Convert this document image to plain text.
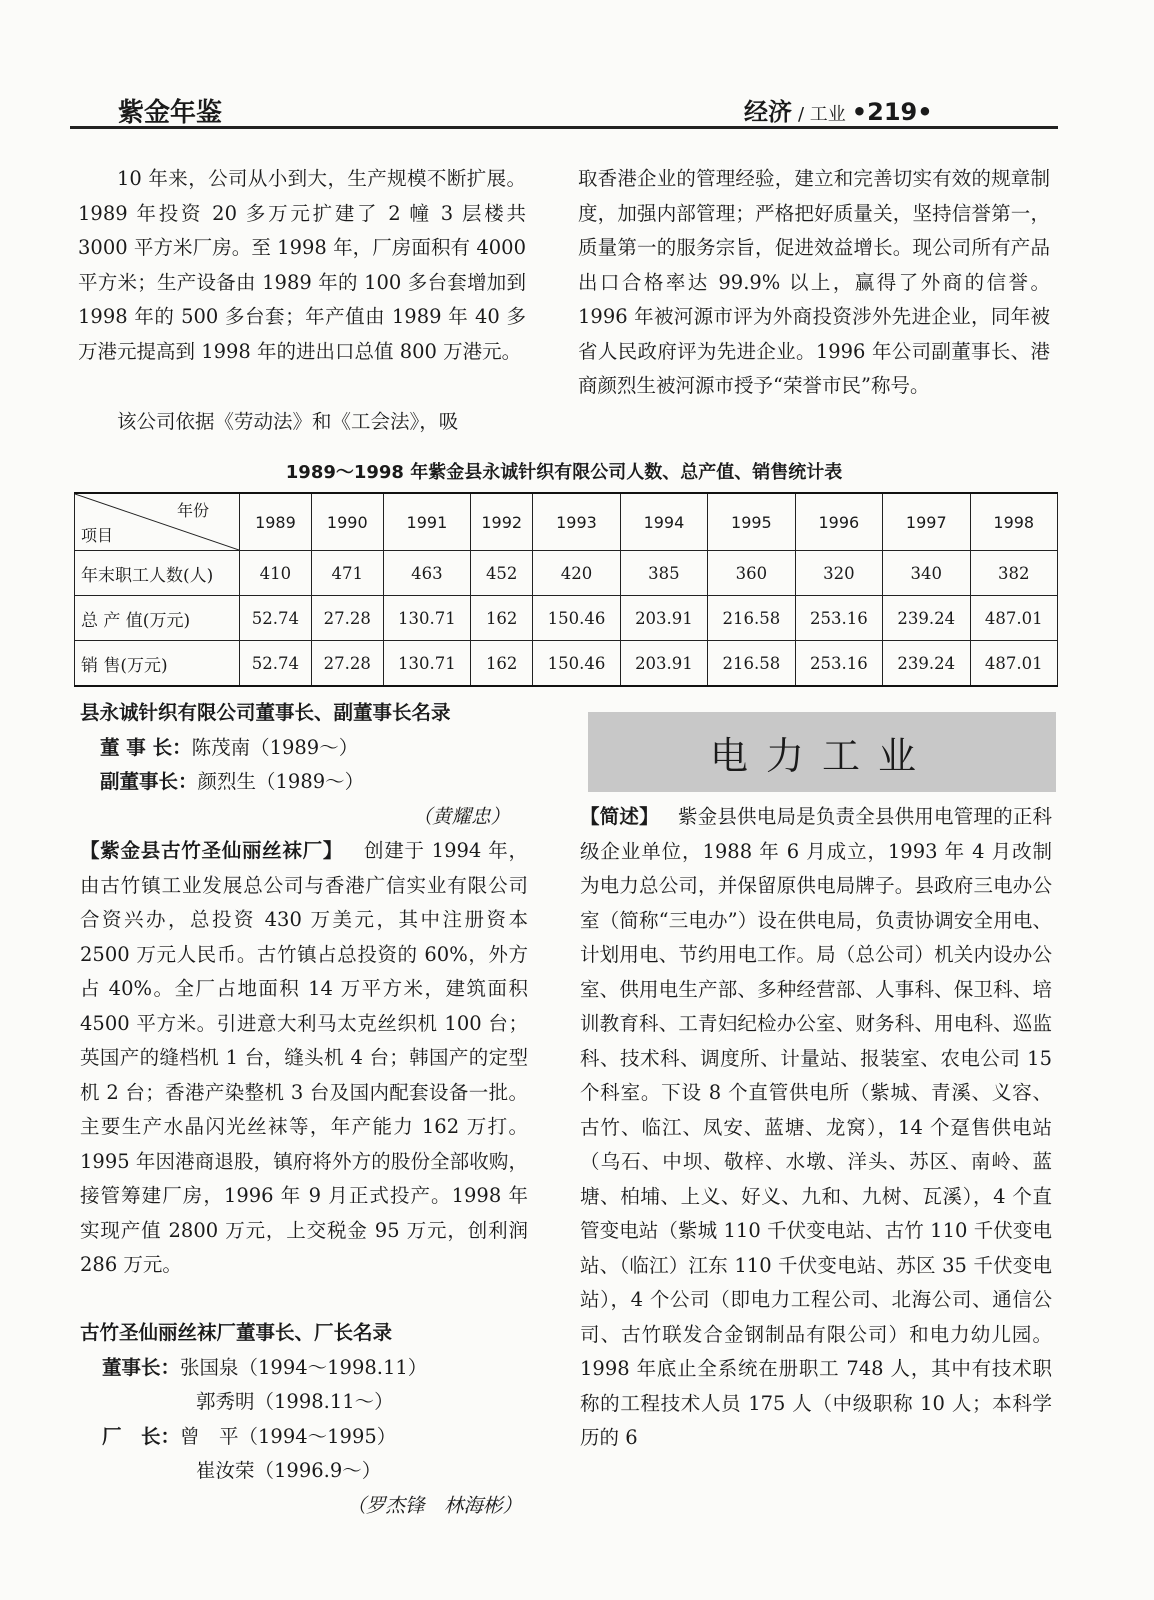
紫金年鉴	经济 / 工业 •219•

10 年来，公司从小到大，生产规模不断扩展。1989 年投资 20 多万元扩建了 2 幢 3 层楼共 3000 平方米厂房。至 1998 年，厂房面积有 4000 平方米；生产设备由 1989 年的 100 多台套增加到 1998 年的 500 多台套；年产值由 1989 年 40 多万港元提高到 1998 年的进出口总值 800 万港元。

该公司依据《劳动法》和《工会法》，吸

取香港企业的管理经验，建立和完善切实有效的规章制度，加强内部管理；严格把好质量关，坚持信誉第一，质量第一的服务宗旨，促进效益增长。现公司所有产品出口合格率达 99.9% 以上，赢得了外商的信誉。1996 年被河源市评为外商投资涉外先进企业，同年被省人民政府评为先进企业。1996 年公司副董事长、港商颜烈生被河源市授予“荣誉市民”称号。

1989～1998 年紫金县永诚针织有限公司人数、总产值、销售统计表
年份
项目	1989	1990	1991	1992	1993	1994	1995	1996	1997	1998
年末职工人数(人)	410	471	463	452	420	385	360	320	340	382
总 产 值(万元)	52.74	27.28	130.71	162	150.46	203.91	216.58	253.16	239.24	487.01
销 售(万元)	52.74	27.28	130.71	162	150.46	203.91	216.58	253.16	239.24	487.01
县永诚针织有限公司董事长、副董事长名录
董 事 长：陈茂南（1989～）
副董事长：颜烈生（1989～）
（黄耀忠）

【紫金县古竹圣仙丽丝袜厂】 创建于 1994 年，由古竹镇工业发展总公司与香港广信实业有限公司合资兴办，总投资 430 万美元，其中注册资本 2500 万元人民币。古竹镇占总投资的 60%，外方占 40%。全厂占地面积 14 万平方米，建筑面积 4500 平方米。引进意大利马太克丝织机 100 台；英国产的缝档机 1 台，缝头机 4 台；韩国产的定型机 2 台；香港产染整机 3 台及国内配套设备一批。主要生产水晶闪光丝袜等，年产能力 162 万打。1995 年因港商退股，镇府将外方的股份全部收购，接管筹建厂房，1996 年 9 月正式投产。1998 年实现产值 2800 万元，上交税金 95 万元，创利润 286 万元。

古竹圣仙丽丝袜厂董事长、厂长名录
董事长：张国泉（1994～1998.11）
郭秀明（1998.11～）
厂　长：曾　平（1994～1995）
崔汝荣（1996.9～）
（罗杰锋　林海彬）
电力工业

【简述】 紫金县供电局是负责全县供用电管理的正科级企业单位，1988 年 6 月成立，1993 年 4 月改制为电力总公司，并保留原供电局牌子。县政府三电办公室（简称“三电办”）设在供电局，负责协调安全用电、计划用电、节约用电工作。局（总公司）机关内设办公室、供用电生产部、多种经营部、人事科、保卫科、培训教育科、工青妇纪检办公室、财务科、用电科、巡监科、技术科、调度所、计量站、报装室、农电公司 15 个科室。下设 8 个直管供电所（紫城、青溪、义容、古竹、临江、凤安、蓝塘、龙窝），14 个趸售供电站（乌石、中坝、敬梓、水墩、洋头、苏区、南岭、蓝塘、柏埔、上义、好义、九和、九树、瓦溪），4 个直管变电站（紫城 110 千伏变电站、古竹 110 千伏变电站、（临江）江东 110 千伏变电站、苏区 35 千伏变电站），4 个公司（即电力工程公司、北海公司、通信公司、古竹联发合金钢制品有限公司）和电力幼儿园。1998 年底止全系统在册职工 748 人，其中有技术职称的工程技术人员 175 人（中级职称 10 人；本科学历的 6
